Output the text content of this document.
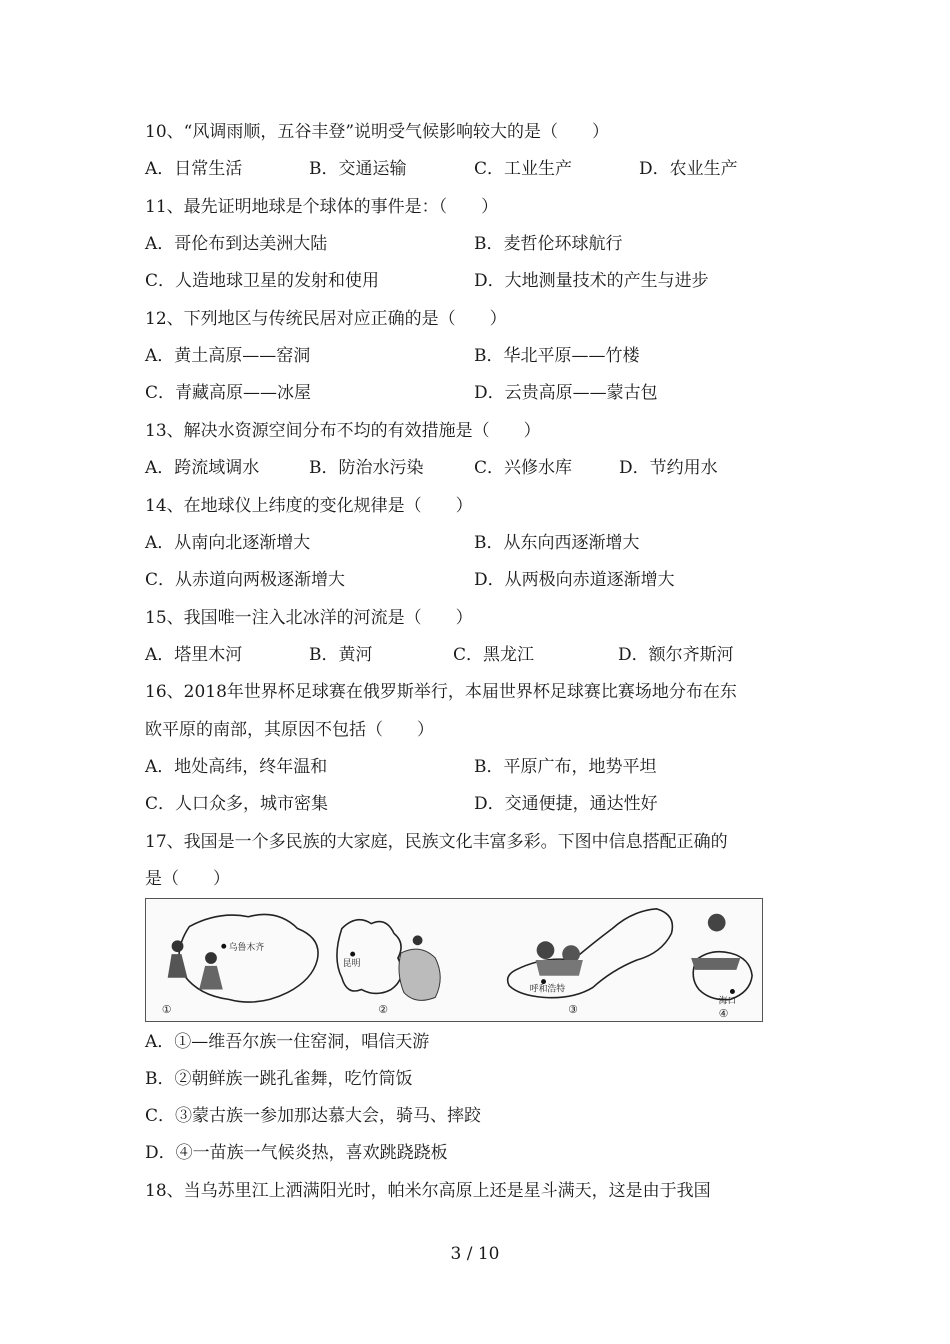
10、“风调雨顺，五谷丰登”说明受气候影响较大的是（　　）
A．日常生活	B．交通运输	C．工业生产	D．农业生产
11、最先证明地球是个球体的事件是：（　　）
A．哥伦布到达美洲大陆	B．麦哲伦环球航行
C．人造地球卫星的发射和使用	D．大地测量技术的产生与进步
12、下列地区与传统民居对应正确的是（　　）
A．黄土高原——窑洞	B．华北平原——竹楼
C．青藏高原——冰屋	D．云贵高原——蒙古包
13、解决水资源空间分布不均的有效措施是（　　）
A．跨流域调水	B．防治水污染	C．兴修水库	D．节约用水
14、在地球仪上纬度的变化规律是（　　）
A．从南向北逐渐增大	B．从东向西逐渐增大
C．从赤道向两极逐渐增大	D．从两极向赤道逐渐增大
15、我国唯一注入北冰洋的河流是（　　）
A．塔里木河	B．黄河	C．黑龙江	D．额尔齐斯河
16、2018年世界杯足球赛在俄罗斯举行，本届世界杯足球赛比赛场地分布在东
欧平原的南部，其原因不包括（　　）
A．地处高纬，终年温和	B．平原广布，地势平坦
C．人口众多，城市密集	D．交通便捷，通达性好
17、我国是一个多民族的大家庭，民族文化丰富多彩。下图中信息搭配正确的
是（　　）
乌鲁木齐
①
昆明
②
呼和浩特
③
海口
④
A．①—维吾尔族一住窑洞，唱信天游
B．②朝鲜族一跳孔雀舞，吃竹筒饭
C．③蒙古族一参加那达慕大会，骑马、摔跤
D．④一苗族一气候炎热，喜欢跳跷跷板
18、当乌苏里江上洒满阳光时，帕米尔高原上还是星斗满天，这是由于我国
3 / 10
